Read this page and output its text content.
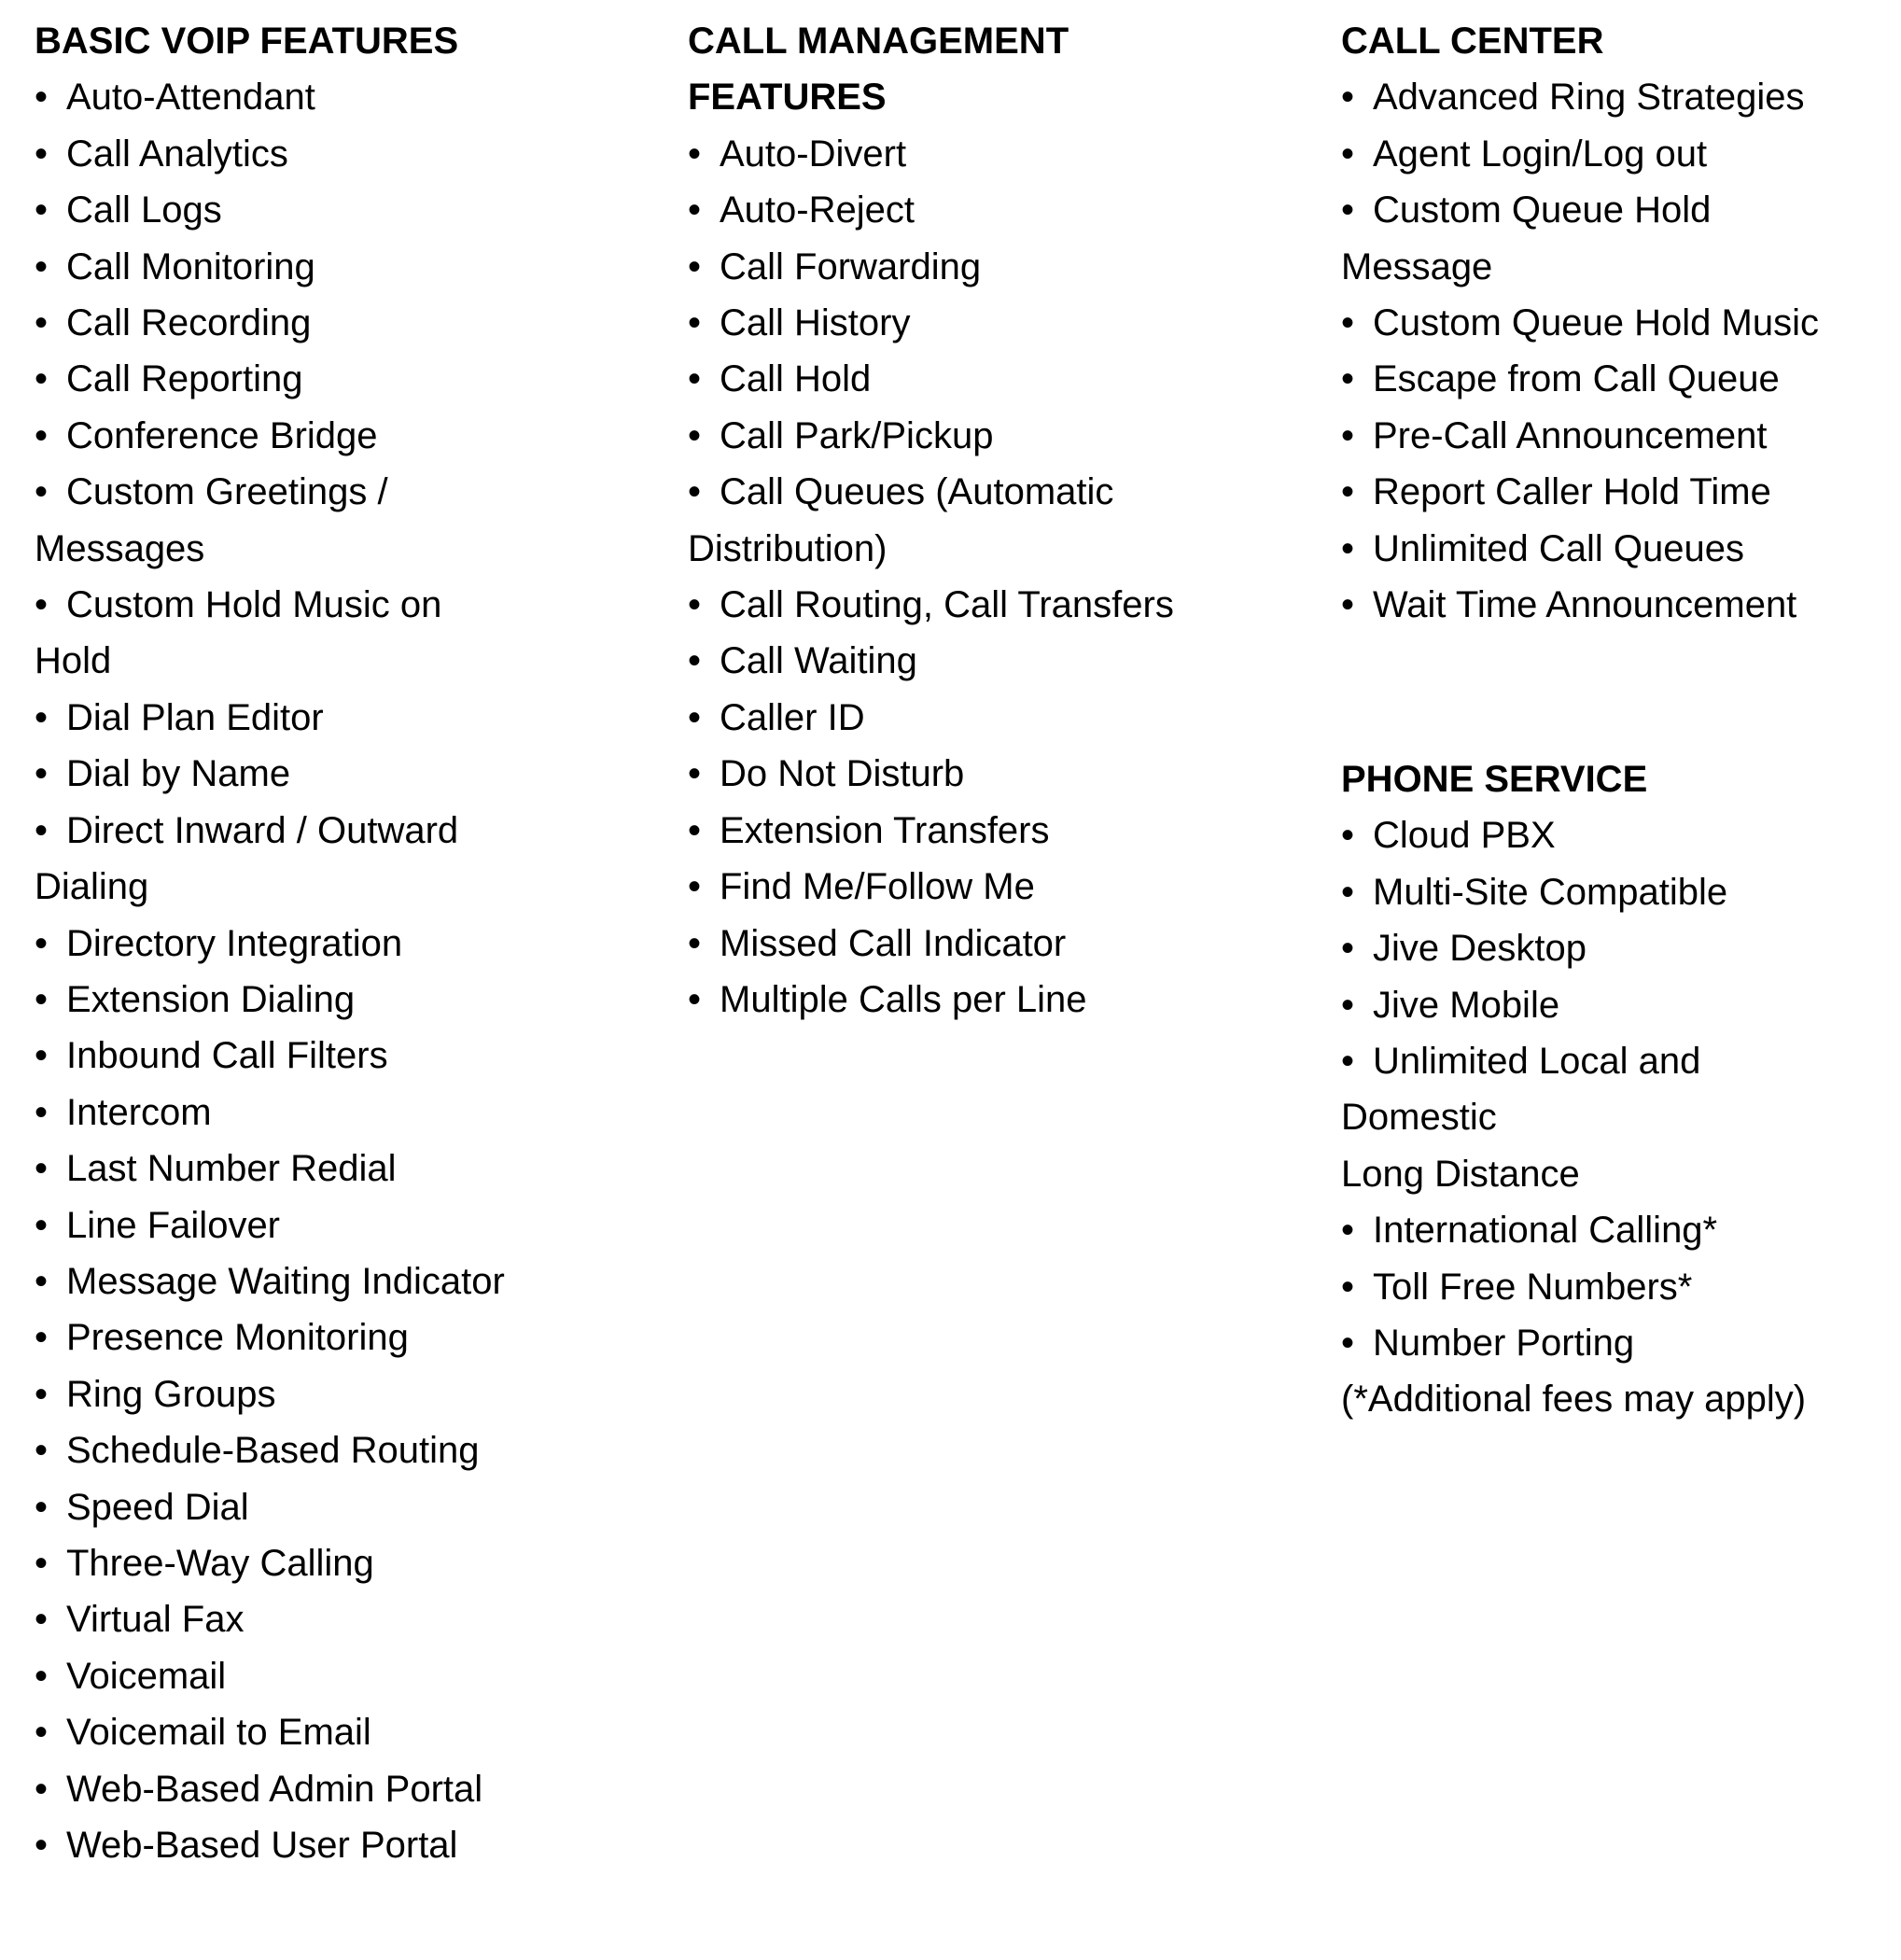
BASIC VOIP FEATURES

• Auto-Attendant
• Call Analytics
• Call Logs
• Call Monitoring
• Call Recording
• Call Reporting
• Conference Bridge
• Custom Greetings /
Messages
• Custom Hold Music on
Hold
• Dial Plan Editor
• Dial by Name
• Direct Inward / Outward
Dialing
• Directory Integration
• Extension Dialing
• Inbound Call Filters
• Intercom
• Last Number Redial
• Line Failover
• Message Waiting Indicator
• Presence Monitoring
• Ring Groups
• Schedule-Based Routing
• Speed Dial
• Three-Way Calling
• Virtual Fax
• Voicemail
• Voicemail to Email
• Web-Based Admin Portal
• Web-Based User Portal

CALL MANAGEMENT

FEATURES

• Auto-Divert
• Auto-Reject
• Call Forwarding
• Call History
• Call Hold
• Call Park/Pickup
• Call Queues (Automatic
Distribution)
• Call Routing, Call Transfers
• Call Waiting
• Caller ID
• Do Not Disturb
• Extension Transfers
• Find Me/Follow Me
• Missed Call Indicator
• Multiple Calls per Line

CALL CENTER

• Advanced Ring Strategies
• Agent Login/Log out
• Custom Queue Hold
Message
• Custom Queue Hold Music
• Escape from Call Queue
• Pre-Call Announcement
• Report Caller Hold Time
• Unlimited Call Queues
• Wait Time Announcement

PHONE SERVICE

• Cloud PBX
• Multi-Site Compatible
• Jive Desktop
• Jive Mobile
• Unlimited Local and
Domestic
Long Distance
• International Calling*
• Toll Free Numbers*
• Number Porting

(*Additional fees may apply)
